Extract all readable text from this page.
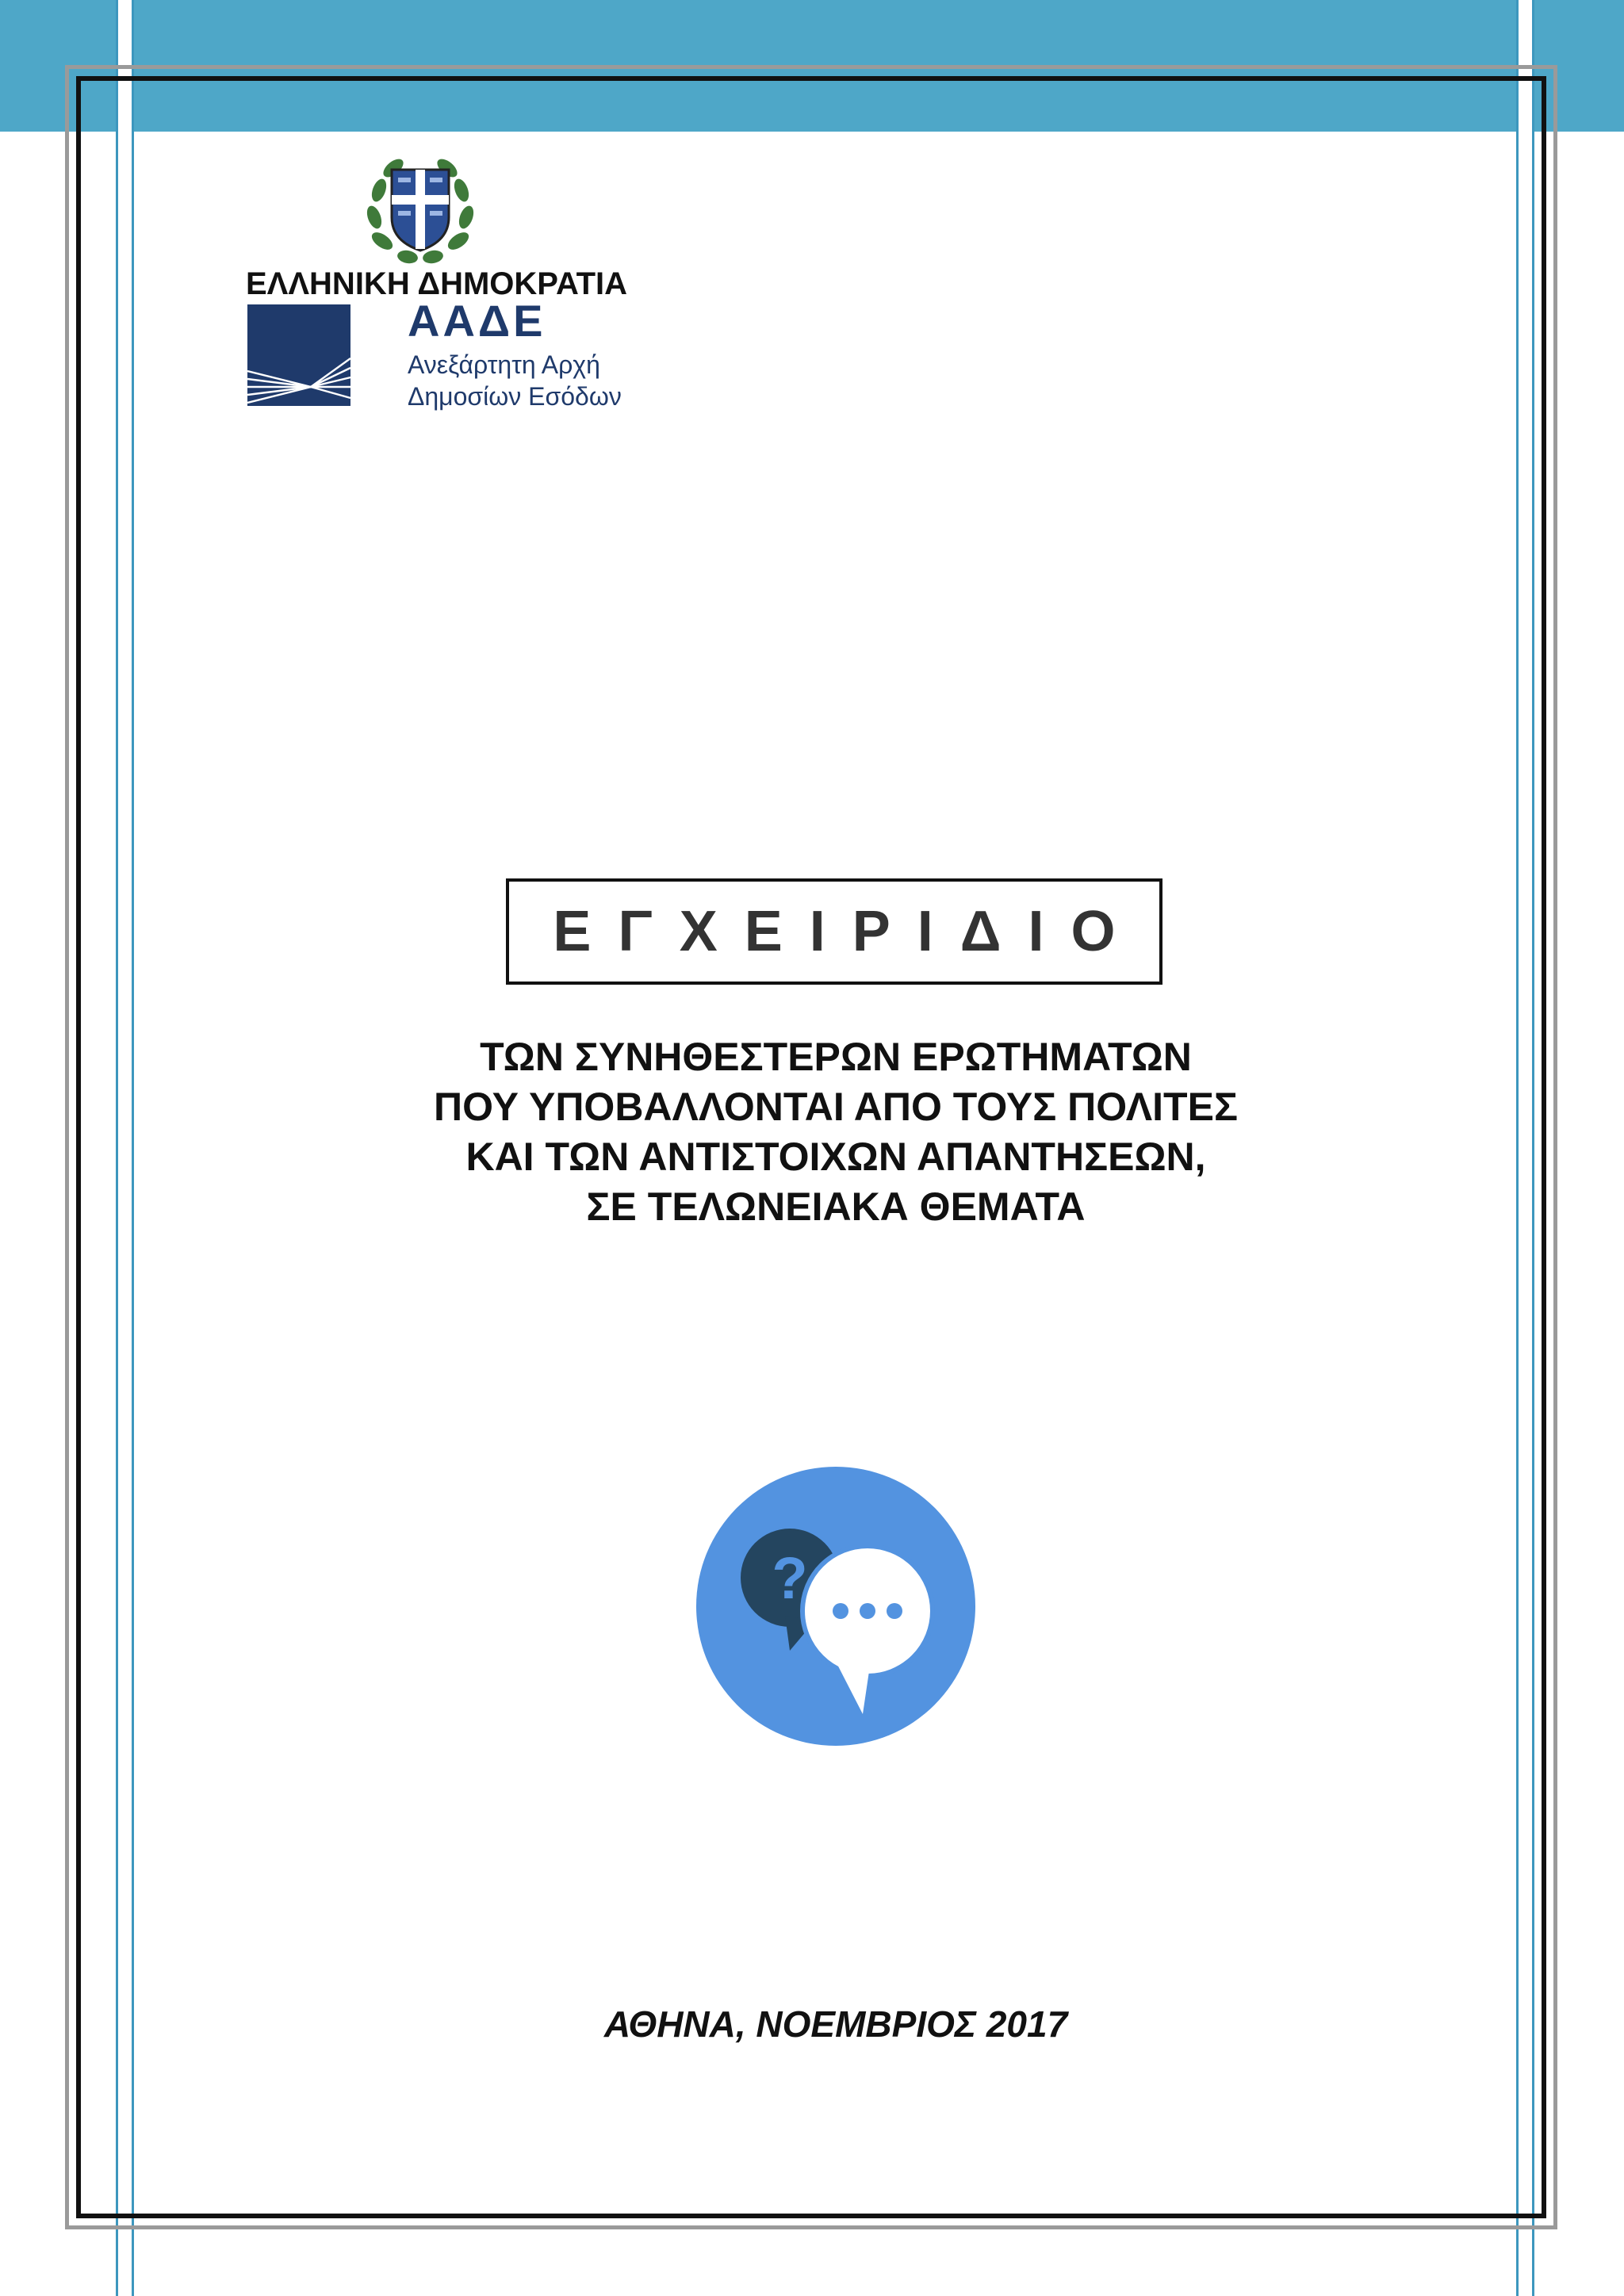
ΕΛΛΗΝΙΚΗ ΔΗΜΟΚΡΑΤΙΑ
ΑΑΔΕ
Ανεξάρτητη Αρχή
Δημοσίων Εσόδων
ΕΓΧΕΙΡΙΔΙΟ
ΤΩΝ ΣΥΝΗΘΕΣΤΕΡΩΝ ΕΡΩΤΗΜΑΤΩΝ
ΠΟΥ ΥΠΟΒΑΛΛΟΝΤΑΙ ΑΠΟ ΤΟΥΣ ΠΟΛΙΤΕΣ
ΚΑΙ ΤΩΝ ΑΝΤΙΣΤΟΙΧΩΝ ΑΠΑΝΤΗΣΕΩΝ,
ΣΕ ΤΕΛΩΝΕΙΑΚΑ ΘΕΜΑΤΑ
?
ΑΘΗΝΑ, ΝΟΕΜΒΡΙΟΣ 2017
